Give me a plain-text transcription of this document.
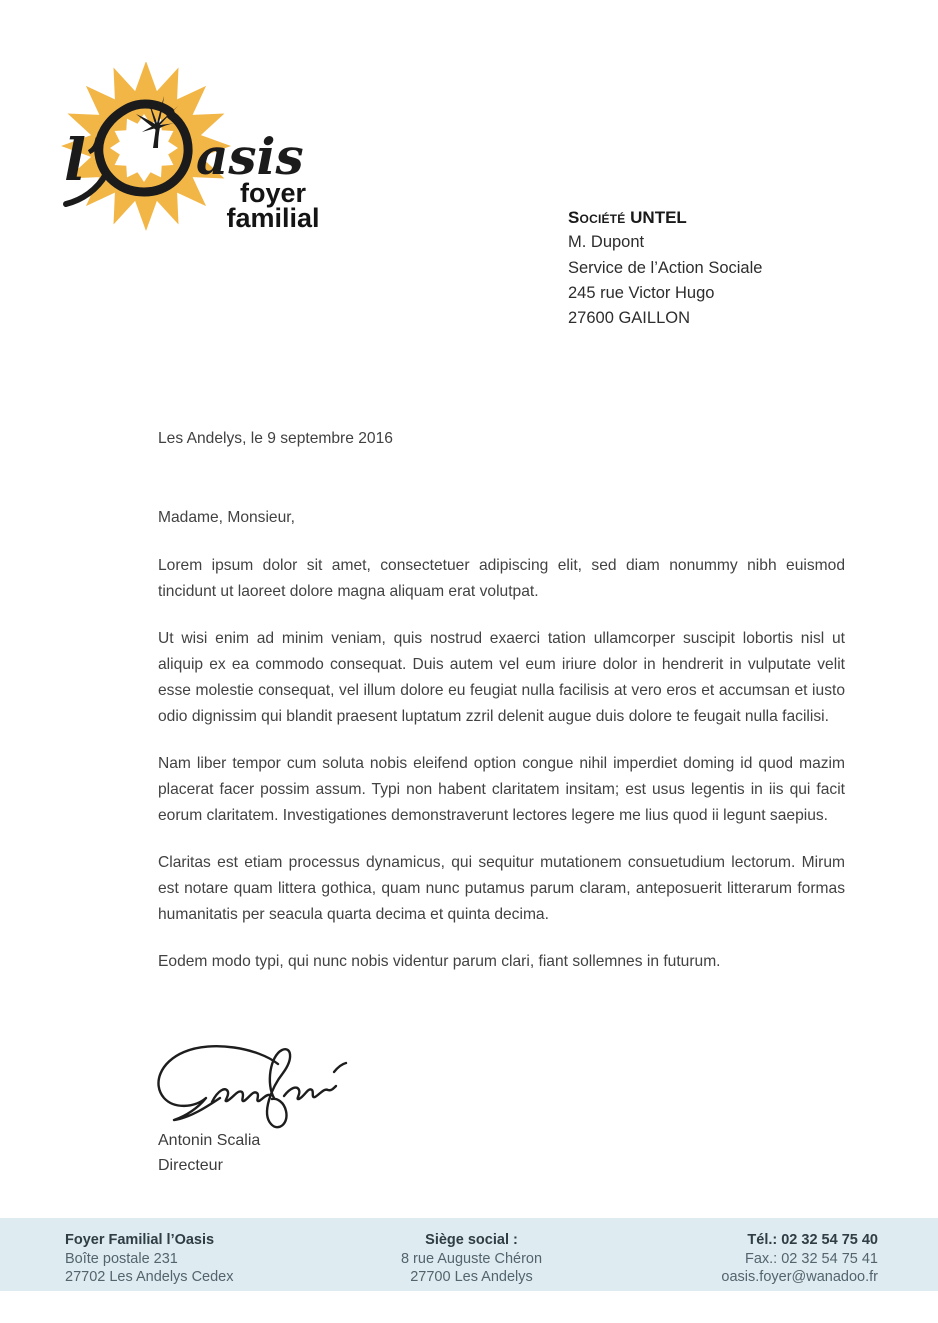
l’ asis
foyer
familial	Société UNTEL
M. Dupont
Service de l’Action Sociale
245 rue Victor Hugo
27600 GAILLON
Les Andelys, le 9 septembre 2016

Madame, Monsieur,

Lorem ipsum dolor sit amet, consectetuer adipiscing elit, sed diam nonummy nibh euismod tincidunt ut laoreet dolore magna aliquam erat volutpat.

Ut wisi enim ad minim veniam, quis nostrud exaerci tation ullamcorper suscipit lobortis nisl ut aliquip ex ea commodo consequat. Duis autem vel eum iriure dolor in hendrerit in vulputate velit esse molestie consequat, vel illum dolore eu feugiat nulla facilisis at vero eros et accumsan et iusto odio dignissim qui blandit praesent luptatum zzril delenit augue duis dolore te feugait nulla facilisi.

Nam liber tempor cum soluta nobis eleifend option congue nihil imperdiet doming id quod mazim placerat facer possim assum. Typi non habent claritatem insitam; est usus legentis in iis qui facit eorum claritatem. Investigationes demonstraverunt lectores legere me lius quod ii legunt saepius.

Claritas est etiam processus dynamicus, qui sequitur mutationem consuetudium lectorum. Mirum est notare quam littera gothica, quam nunc putamus parum claram, anteposuerit litterarum formas humanitatis per seacula quarta decima et quinta decima.

Eodem modo typi, qui nunc nobis videntur parum clari, fiant sollemnes in futurum.

Antonin Scalia
Directeur
Foyer Familial l’Oasis
Boîte postale 231
27702 Les Andelys Cedex
Siège social :
8 rue Auguste Chéron
27700 Les Andelys
Tél.: 02 32 54 75 40
Fax.: 02 32 54 75 41
oasis.foyer@wanadoo.fr
